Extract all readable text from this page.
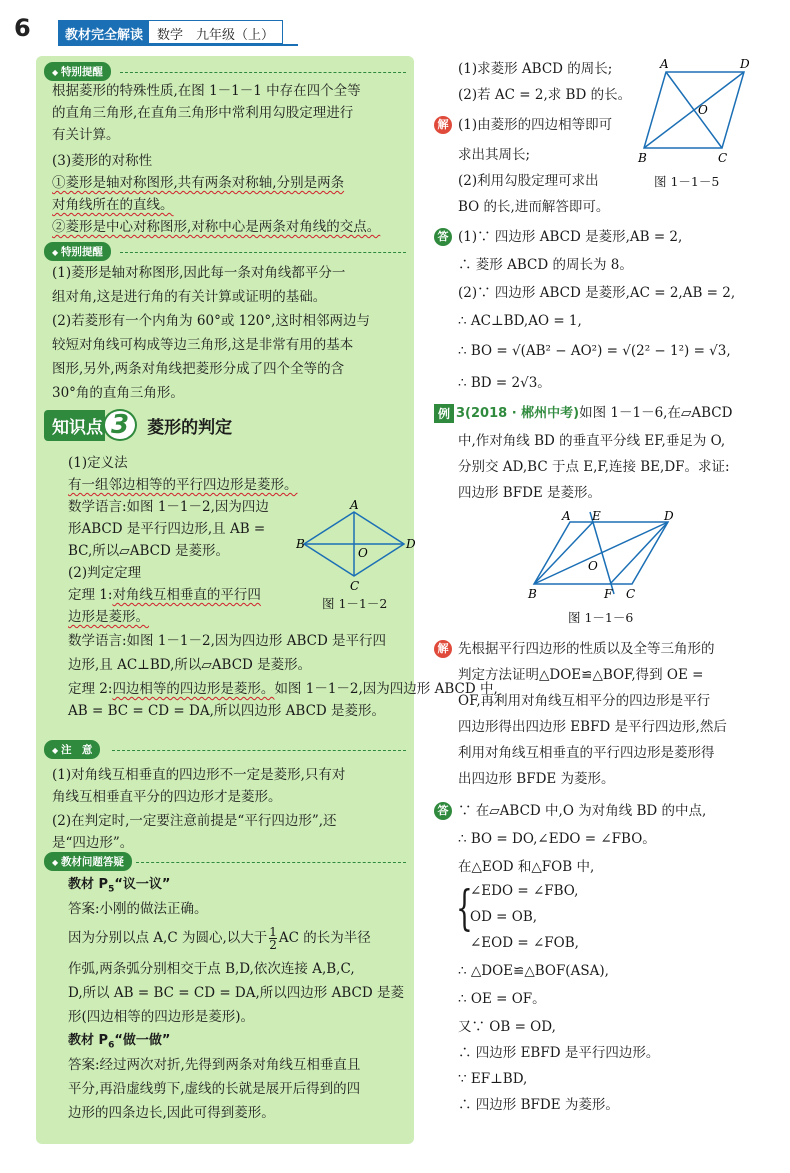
6	教材完全解读	数学　 九年级（上）
◆ 特别提醒
根据菱形的特殊性质,在图 1－1－1 中存在四个全等
的直角三角形,在直角三角形中常利用勾股定理进行
有关计算。
(3)菱形的对称性
①菱形是轴对称图形,共有两条对称轴,分别是两条
对角线所在的直线。
②菱形是中心对称图形,对称中心是两条对角线的交点。
◆ 特别提醒
(1)菱形是轴对称图形,因此每一条对角线都平分一
组对角,这是进行角的有关计算或证明的基础。
(2)若菱形有一个内角为 60°或 120°,这时相邻两边与
较短对角线可构成等边三角形,这是非常有用的基本
图形,另外,两条对角线把菱形分成了四个全等的含
30°角的直角三角形。
知识点 3	菱形的判定
(1)定义法
有一组邻边相等的平行四边形是菱形。
数学语言:如图 1－1－2,因为四边
形ABCD 是平行四边形,且 AB =
BC,所以▱ABCD 是菱形。
(2)判定定理
定理 1:对角线互相垂直的平行四
边形是菱形。
数学语言:如图 1－1－2,因为四边形 ABCD 是平行四
边形,且 AC⊥BD,所以▱ABCD 是菱形。
定理 2:四边相等的四边形是菱形。如图 1－1－2,因为四边形 ABCD 中,
AB = BC = CD = DA,所以四边形 ABCD 是菱形。
A
B
C
D
O
图 1－1－2
◆ 注　意
(1)对角线互相垂直的四边形不一定是菱形,只有对
角线互相垂直平分的四边形才是菱形。
(2)在判定时,一定要注意前提是“平行四边形”,还
是“四边形”。
◆ 教材问题答疑
教材 $P_5“$议一议”
答案:小刚的做法正确。
因为分别以点 A,C 为圆心,以大于 $\frac{1}{2}$ AC 的长为半径
作弧,两条弧分别相交于点 B,D,依次连接 A,B,C,
D,所以 AB = BC = CD = DA,所以四边形 ABCD 是菱
形(四边相等的四边形是菱形)。
教材 $P_6“$做一做”
答案:经过两次对折,先得到两条对角线互相垂直且
平分,再沿虚线剪下,虚线的长就是展开后得到的四
边形的四条边长,因此可得到菱形。
(1)求菱形 ABCD 的周长;
(2)若 AC = 2,求 BD 的长。
解 (1)由菱形的四边相等即可
求出其周长;
(2)利用勾股定理可求出
BO 的长,进而解答即可。
A	D
B	C
O
图 1－1－5
答 (1)∵ 四边形 ABCD 是菱形,AB = 2,
∴ 菱形 ABCD 的周长为 8。
(2)∵ 四边形 ABCD 是菱形,AC = 2,AB = 2,
∴ AC⊥BD,AO = 1,
∴ BO = √(AB² − AO²) = √(2² − 1²) = √3,
∴ BD = 2√3。
例 3(2018 · 郴州中考)如图 1－1－6,在▱ABCD
中,作对角线 BD 的垂直平分线 EF,垂足为 O,
分别交 AD,BC 于点 E,F,连接 BE,DF。求证:
四边形 BFDE 是菱形。
A E	D
B	F C
O
图 1－1－6
解 先根据平行四边形的性质以及全等三角形的
判定方法证明△DOE≌△BOF,得到 OE =
OF,再利用对角线互相平分的四边形是平行
四边形得出四边形 EBFD 是平行四边形,然后
利用对角线互相垂直的平行四边形是菱形得
出四边形 BFDE 为菱形。
答 ∵ 在▱ABCD 中,O 为对角线 BD 的中点,
∴ BO = DO,∠EDO = ∠FBO。
在△EOD 和△FOB 中,
{
∠EDO = ∠FBO,
OD = OB,
∠EOD = ∠FOB,
∴ △DOE≌△BOF(ASA),
∴ OE = OF。
又∵ OB = OD,
∴ 四边形 EBFD 是平行四边形。
∵ EF⊥BD,
∴ 四边形 BFDE 为菱形。
